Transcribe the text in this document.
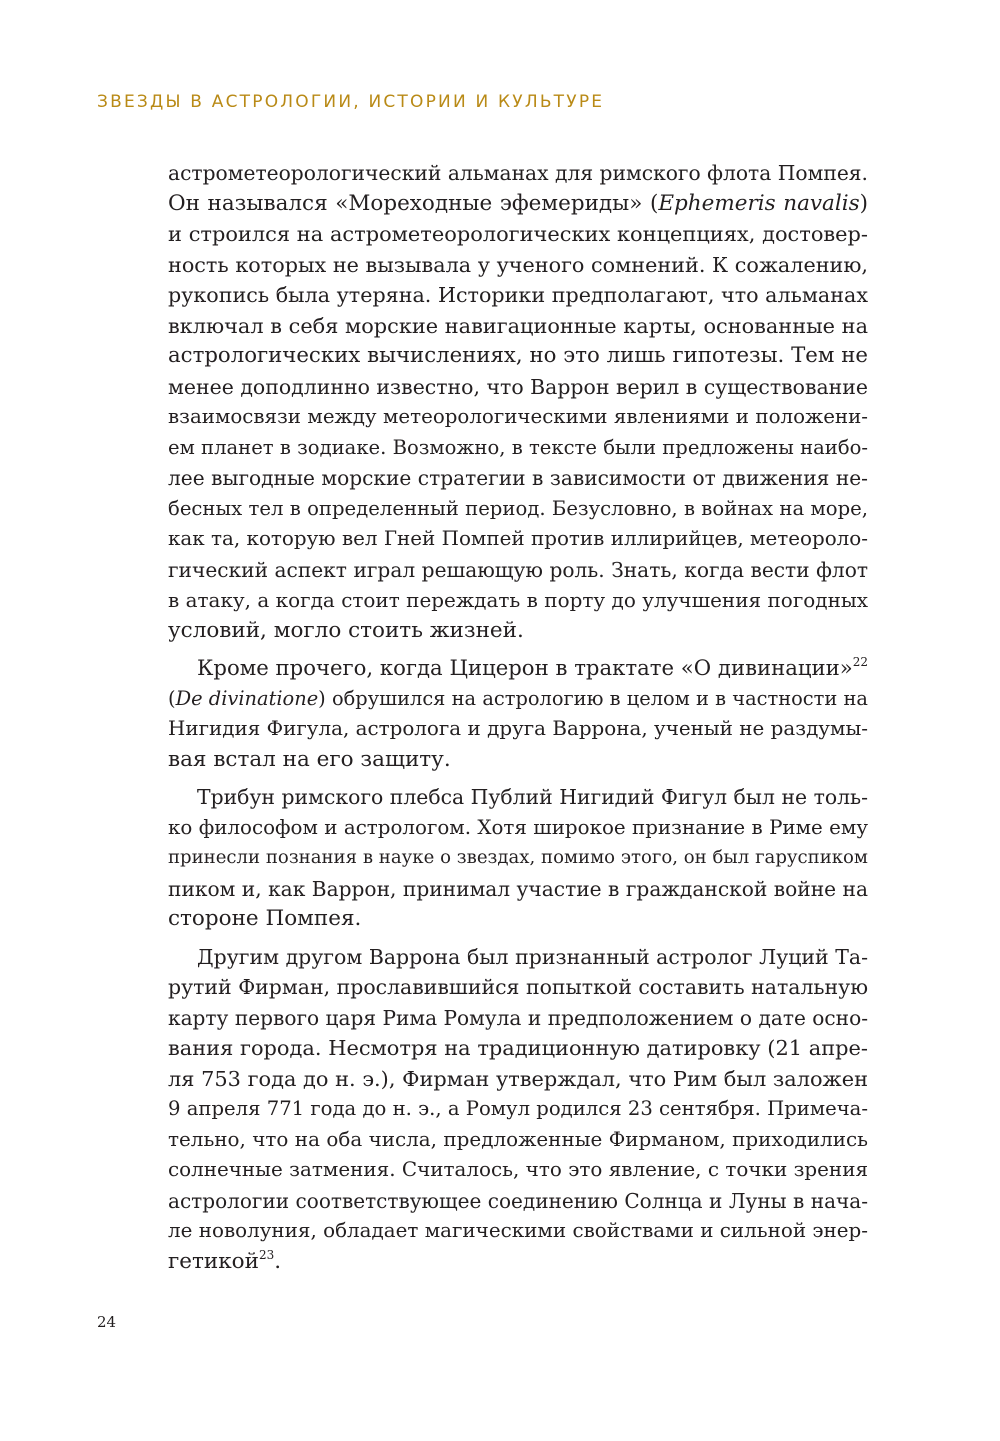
ЗВЕЗДЫ В АСТРОЛОГИИ, ИСТОРИИ И КУЛЬТУРЕ
астрометеорологический альманах для римского флота Помпея.
Он назывался «Мореходные эфемериды» (Ephemeris navalis)
и строился на астрометеорологических концепциях, достовер-
ность которых не вызывала у ученого сомнений. К сожалению,
рукопись была утеряна. Историки предполагают, что альманах
включал в себя морские навигационные карты, основанные на
астрологических вычислениях, но это лишь гипотезы. Тем не
менее доподлинно известно, что Варрон верил в существование
взаимосвязи между метеорологическими явлениями и положени-
ем планет в зодиаке. Возможно, в тексте были предложены наибо-
лее выгодные морские стратегии в зависимости от движения не-
бесных тел в определенный период. Безусловно, в войнах на море,
как та, которую вел Гней Помпей против иллирийцев, метеороло-
гический аспект играл решающую роль. Знать, когда вести флот
в атаку, а когда стоит переждать в порту до улучшения погодных
условий, могло стоить жизней.
Кроме прочего, когда Цицерон в трактате «О дивинации»$^{22}$
(De divinatione) обрушился на астрологию в целом и в частности на
Нигидия Фигула, астролога и друга Варрона, ученый не раздумы-
вая встал на его защиту.
Трибун римского плебса Публий Нигидий Фигул был не толь-
ко философом и астрологом. Хотя широкое признание в Риме ему
принесли познания в науке о звездах, помимо этого, он был гаруспиком
пиком и, как Варрон, принимал участие в гражданской войне на
стороне Помпея.
Другим другом Варрона был признанный астролог Луций Та-
рутий Фирман, прославившийся попыткой составить натальную
карту первого царя Рима Ромула и предположением о дате осно-
вания города. Несмотря на традиционную датировку (21 апре-
ля 753 года до н. э.), Фирман утверждал, что Рим был заложен
9 апреля 771 года до н. э., а Ромул родился 23 сентября. Примеча-
тельно, что на оба числа, предложенные Фирманом, приходились
солнечные затмения. Считалось, что это явление, с точки зрения
астрологии соответствующее соединению Солнца и Луны в нача-
ле новолуния, обладает магическими свойствами и сильной энер-
гетикой$^{23}$.
24
